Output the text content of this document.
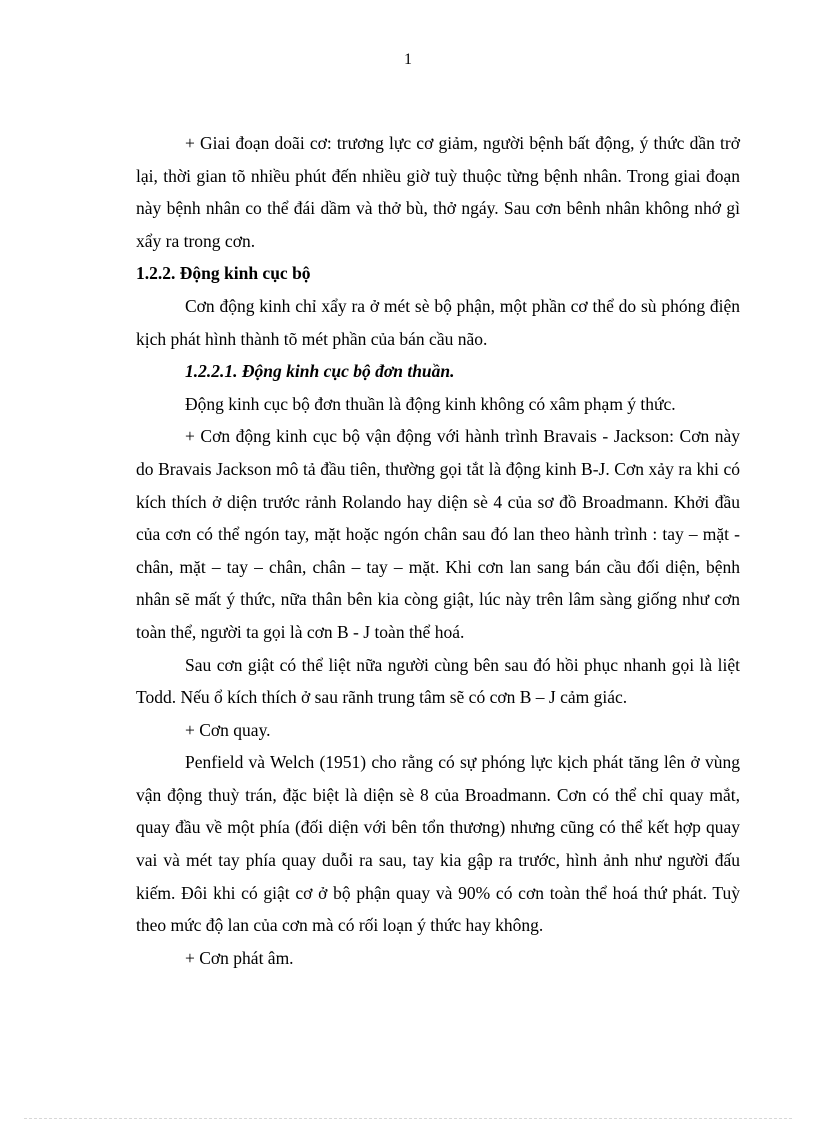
1

+ Giai đoạn doãi cơ: trương lực cơ giảm, người bệnh bất động, ý thức dần trở lại, thời gian tõ nhiều phút đến nhiều giờ tuỳ thuộc từng bệnh nhân. Trong giai đoạn này bệnh nhân co thể đái dầm và thở bù, thở ngáy. Sau cơn bênh nhân không nhớ gì xẩy ra trong cơn.

1.2.2. Động kinh cục bộ

Cơn động kinh chỉ xẩy ra ở mét sè bộ phận, một phần cơ thể do sù phóng điện kịch phát hình thành tõ mét phần của bán cầu não.

1.2.2.1. Động kinh cục bộ đơn thuần.

Động kinh cục bộ đơn thuần là động kinh không có xâm phạm ý thức.

+ Cơn động kinh cục bộ vận động với hành trình Bravais - Jackson: Cơn này do Bravais Jackson mô tả đầu tiên, thường gọi tắt là động kinh B-J. Cơn xảy ra khi có kích thích ở diện trước rảnh Rolando hay diện sè 4 của sơ đồ Broadmann. Khởi đầu của cơn có thể ngón tay, mặt hoặc ngón chân sau đó lan theo hành trình : tay – mặt - chân, mặt – tay – chân, chân – tay – mặt. Khi cơn lan sang bán cầu đối diện, bệnh nhân sẽ mất ý thức, nữa thân bên kia còng giật, lúc này trên lâm sàng giống như cơn toàn thể, người ta gọi là cơn B - J toàn thể hoá.

Sau cơn giật có thể liệt nữa người cùng bên sau đó hồi phục nhanh gọi là liệt Todd. Nếu ổ kích thích ở sau rãnh trung tâm sẽ có cơn B – J cảm giác.

+ Cơn quay.

Penfield và Welch (1951) cho rằng có sự phóng lực kịch phát tăng lên ở vùng vận động thuỳ trán, đặc biệt là diện sè 8 của Broadmann. Cơn có thể chỉ quay mắt, quay đầu về một phía (đối diện với bên tổn thương) nhưng cũng có thể kết hợp quay vai và mét tay phía quay duỗi ra sau, tay kia gập ra trước, hình ảnh như người đấu kiếm. Đôi khi có giật cơ ở bộ phận quay và 90% có cơn toàn thể hoá thứ phát. Tuỳ theo mức độ lan của cơn mà có rối loạn ý thức hay không.

+ Cơn phát âm.
